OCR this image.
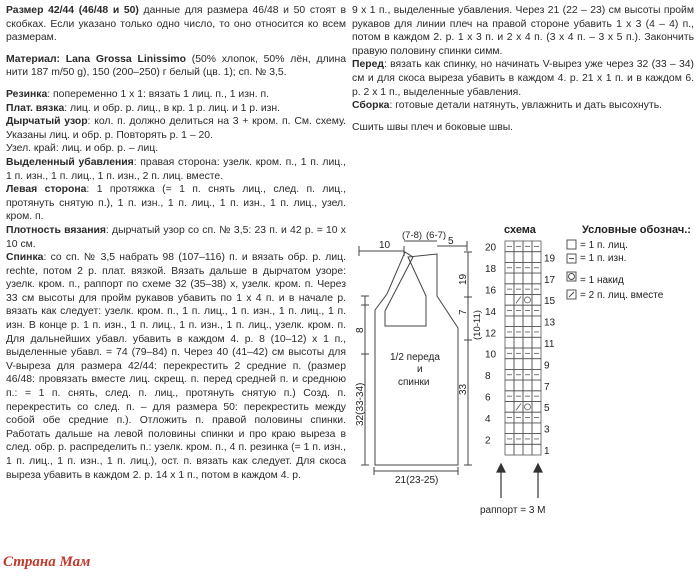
Размер 42/44 (46/48 и 50) данные для размера 46/48 и 50 стоят в скобках. Если указано только одно число, то оно относится ко всем размерам.

Материал: Lana Grossa Linissimo (50% хлопок, 50% лён, длина нити 187 m/50 g), 150 (200–250) г белый (цв. 1); сп. № 3,5.

Резинка: попеременно 1 х 1: вязать 1 лиц. п., 1 изн. п.

Плат. вязка: лиц. и обр. р. лиц., в кр. 1 р. лиц. и 1 р. изн.

Дырчатый узор: кол. п. должно делиться на 3 + кром. п. См. схему. Указаны лиц. и обр. р. Повторять р. 1 – 20.

Узел. край: лиц. и обр. р. – лиц.

Выделенный убавления: правая сторона: узелк. кром. п., 1 п. лиц., 1 п. изн., 1 п. лиц., 1 п. изн., 2 п. лиц. вместе.

Левая сторона: 1 протяжка (= 1 п. снять лиц., след. п. лиц., протянуть снятую п.), 1 п. изн., 1 п. лиц., 1 п. изн., 1 п. лиц., узел. кром. п.

Плотность вязания: дырчатый узор со сп. № 3,5: 23 п. и 42 р. = 10 х 10 см.

Спинка: со сп. № 3,5 набрать 98 (107–116) п. и вязать обр. р. лиц. rechte, потом 2 р. плат. вязкой. Вязать дальше в дырчатом узоре: узелк. кром. п., раппорт по схеме 32 (35–38) х, узелк. кром. п. Через 33 см высоты для пройм рукавов убавить по 1 х 4 п. и в начале р. вязать как следует: узелк. кром. п., 1 п. лиц., 1 п. изн., 1 п. лиц., 1 п. изн. В конце р. 1 п. изн., 1 п. лиц., 1 п. изн., 1 п. лиц., узелк. кром. п. Для дальнейших убавл. убавить в каждом 4. р. 8 (10–12) х 1 п., выделенные убавл. = 74 (79–84) п. Через 40 (41–42) см высоты для V-выреза для размера 42/44: перекрестить 2 средние п. (размер 46/48: провязать вместе лиц. скрещ. п. перед средней п. и среднюю п.: = 1 п. снять, след. п. лиц., протянуть снятую п.) Созд. п. перекрестить со след. п. – для размера 50: перекрестить между собой обе средние п.). Отложить п. правой половины спинки. Работать дальше на левой половины спинки и про краю выреза в след. обр. р. распределить п.: узелк. кром. п., 4 п. резинка (= 1 п. изн., 1 п. лиц., 1 п. изн., 1 п. лиц.), ост. п. вязать как следует. Для скоса выреза убавить в каждом 2. р. 14 х 1 п., потом в каждом 4. р.

9 х 1 п., выделенные убавления. Через 21 (22 – 23) см высоты пройм рукавов для линии плеч на правой стороне убавить 1 х 3 (4 – 4) п., потом в каждом 2. р. 1 х 3 п. и 2 х 4 п. (3 х 4 п. – 3 х 5 п.). Закончить правую половину спинки симм.

Перед: вязать как спинку, но начинать V-вырез уже через 32 (33 – 34) см и для скоса выреза убавить в каждом 4. р. 21 х 1 п. и в каждом 6. р. 2 х 1 п., выделенные убавления.

Сборка: готовые детали натянуть, увлажнить и дать высохнуть.

Сшить швы плеч и боковые швы.

10
(7-8) (6-7)
5
8
32(33-34)
19
7 (10-11)
33
1/2 переда
и
спинки
21(23-25)
схема
20
18
16
14
12
10
8
6
4
2
19
17
15
13
11
9
7
5
3
1
раппорт = 3 М
Условные обознач.:
= 1 п. лиц.
= 1 п. изн.
= 1 накид
= 2 п. лиц. вместе
Страна Мам
